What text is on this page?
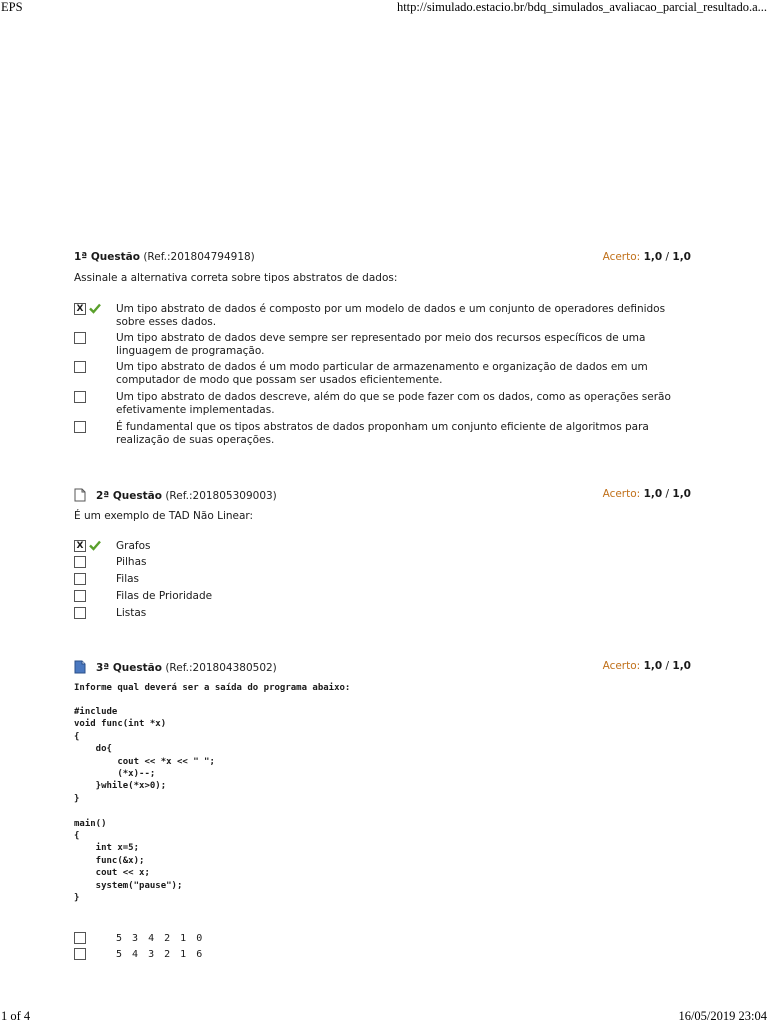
EPS	http://simulado.estacio.br/bdq_simulados_avaliacao_parcial_resultado.a...
1ª Questão (Ref.:201804794918)	Acerto: 1,0 / 1,0
Assinale a alternativa correta sobre tipos abstratos de dados:
X	Um tipo abstrato de dados é composto por um modelo de dados e um conjunto de operadores definidos sobre esses dados.
Um tipo abstrato de dados deve sempre ser representado por meio dos recursos específicos de uma linguagem de programação.
Um tipo abstrato de dados é um modo particular de armazenamento e organização de dados em um computador de modo que possam ser usados eficientemente.
Um tipo abstrato de dados descreve, além do que se pode fazer com os dados, como as operações serão efetivamente implementadas.
É fundamental que os tipos abstratos de dados proponham um conjunto eficiente de algoritmos para realização de suas operações.
2ª Questão (Ref.:201805309003)	Acerto: 1,0 / 1,0
É um exemplo de TAD Não Linear:
X	Grafos
Pilhas
Filas
Filas de Prioridade
Listas
3ª Questão (Ref.:201804380502)	Acerto: 1,0 / 1,0
Informe qual deverá ser a saída do programa abaixo:
#include
void func(int *x)
{
do{
cout << *x << " ";
(*x)--;
}while(*x>0);
}

main()
{
int x=5;
func(&x);
cout << x;
system("pause");
}
5 3 4 2 1 0
5 4 3 2 1 6
1 of 4	16/05/2019 23:04
